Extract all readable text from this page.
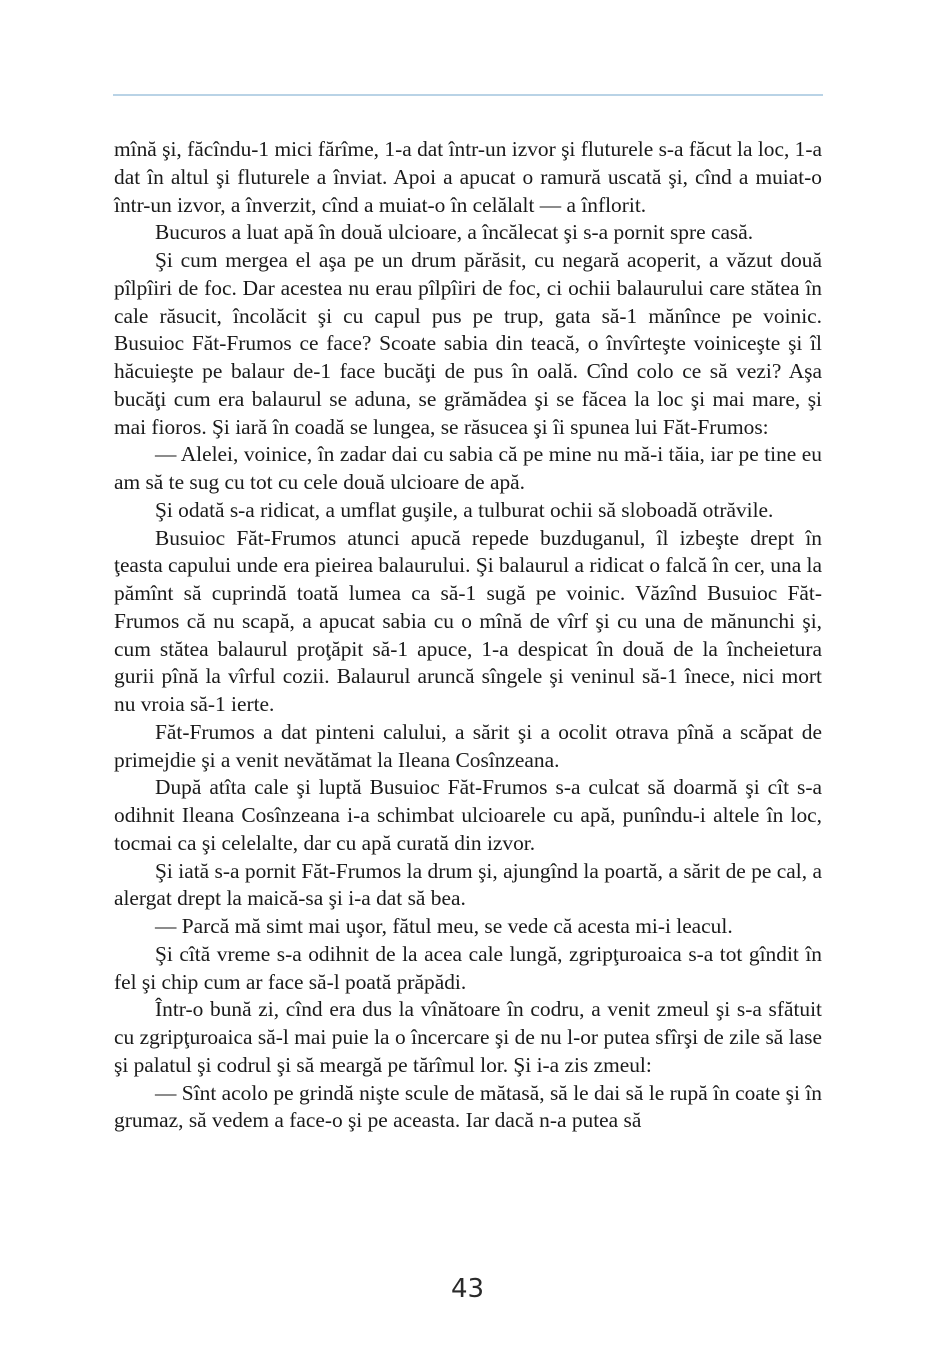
mînă şi, făcîndu-1 mici fărîme, 1-a dat într-un izvor şi fluturele s-a făcut la loc, 1-a dat în altul şi fluturele a înviat. Apoi a apucat o ramură uscată şi, cînd a muiat-o într-un izvor, a înverzit, cînd a muiat-o în celălalt — a înflorit.

Bucuros a luat apă în două ulcioare, a încălecat şi s-a pornit spre casă.

Şi cum mergea el aşa pe un drum părăsit, cu negară acoperit, a văzut două pîlpîiri de foc. Dar acestea nu erau pîlpîiri de foc, ci ochii balaurului care stătea în cale răsucit, încolăcit şi cu capul pus pe trup, gata să-1 mănînce pe voinic. Busuioc Făt-Frumos ce face? Scoate sabia din teacă, o învîrteşte voiniceşte şi îl hăcuieşte pe balaur de-1 face bucăţi de pus în oală. Cînd colo ce să vezi? Aşa bucăţi cum era balaurul se aduna, se grămădea şi se făcea la loc şi mai mare, şi mai fioros. Şi iară în coadă se lungea, se răsucea şi îi spunea lui Făt-Frumos:

— Alelei, voinice, în zadar dai cu sabia că pe mine nu mă-i tăia, iar pe tine eu am să te sug cu tot cu cele două ulcioare de apă.

Şi odată s-a ridicat, a umflat guşile, a tulburat ochii să sloboadă otrăvile.

Busuioc Făt-Frumos atunci apucă repede buzduganul, îl izbeşte drept în ţeasta capului unde era pieirea balaurului. Şi balaurul a ridicat o falcă în cer, una la pămînt să cuprindă toată lumea ca să-1 sugă pe voinic. Văzînd Busuioc Făt-Frumos că nu scapă, a apucat sabia cu o mînă de vîrf şi cu una de mănunchi şi, cum stătea balaurul proţăpit să-1 apuce, 1-a despicat în două de la încheietura gurii pînă la vîrful cozii. Balaurul aruncă sîngele şi veninul să-1 înece, nici mort nu vroia să-1 ierte.

Făt-Frumos a dat pinteni calului, a sărit şi a ocolit otrava pînă a scăpat de primejdie şi a venit nevătămat la Ileana Cosînzeana.

După atîta cale şi luptă Busuioc Făt-Frumos s-a culcat să doarmă şi cît s-a odihnit Ileana Cosînzeana i-a schimbat ulcioarele cu apă, punîndu-i altele în loc, tocmai ca şi celelalte, dar cu apă curată din izvor.

Şi iată s-a pornit Făt-Frumos la drum şi, ajungînd la poartă, a sărit de pe cal, a alergat drept la maică-sa şi i-a dat să bea.

— Parcă mă simt mai uşor, fătul meu, se vede că acesta mi-i leacul.

Şi cîtă vreme s-a odihnit de la acea cale lungă, zgripţuroaica s-a tot gîndit în fel şi chip cum ar face să-l poată prăpădi.

Într-o bună zi, cînd era dus la vînătoare în codru, a venit zmeul şi s-a sfătuit cu zgripţuroaica să-l mai puie la o încercare şi de nu l-or putea sfîrşi de zile să lase şi palatul şi codrul şi să meargă pe tărîmul lor. Şi i-a zis zmeul:

— Sînt acolo pe grindă nişte scule de mătasă, să le dai să le rupă în coate şi în grumaz, să vedem a face-o şi pe aceasta. Iar dacă n-a putea să

43
